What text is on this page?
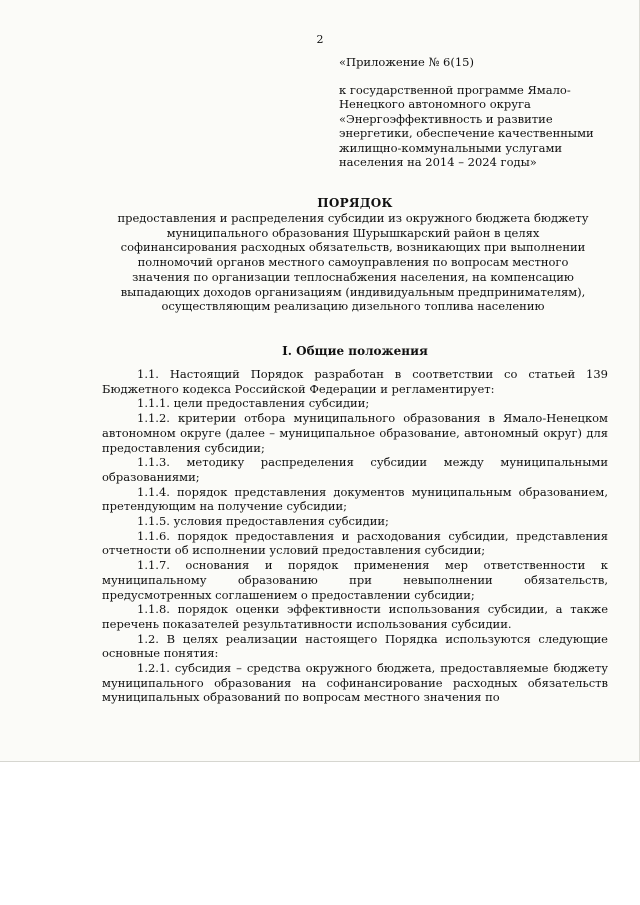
2
«Приложение № 6(15)
к государственной программе Ямало-Ненецкого автономного округа «Энергоэффективность и развитие энергетики, обеспечение качественными жилищно-коммунальными услугами населения на 2014 – 2024 годы»
ПОРЯДОК
предоставления и распределения субсидии из окружного бюджета бюджету муниципального образования Шурышкарский район в целях софинансирования расходных обязательств, возникающих при выполнении полномочий органов местного самоуправления по вопросам местного значения по организации теплоснабжения населения, на компенсацию выпадающих доходов организациям (индивидуальным предпринимателям), осуществляющим реализацию дизельного топлива населению
I. Общие положения

1.1. Настоящий Порядок разработан в соответствии со статьей 139 Бюджетного кодекса Российской Федерации и регламентирует:

1.1.1. цели предоставления субсидии;

1.1.2. критерии отбора муниципального образования в Ямало-Ненецком автономном округе (далее – муниципальное образование, автономный округ) для предоставления субсидии;

1.1.3. методику распределения субсидии между муниципальными образованиями;

1.1.4. порядок представления документов муниципальным образованием, претендующим на получение субсидии;

1.1.5. условия предоставления субсидии;

1.1.6. порядок предоставления и расходования субсидии, представления отчетности об исполнении условий предоставления субсидии;

1.1.7. основания и порядок применения мер ответственности к муниципальному образованию при невыполнении обязательств, предусмотренных соглашением о предоставлении субсидии;

1.1.8. порядок оценки эффективности использования субсидии, а также перечень показателей результативности использования субсидии.

1.2. В целях реализации настоящего Порядка используются следующие основные понятия:

1.2.1. субсидия – средства окружного бюджета, предоставляемые бюджету муниципального образования на софинансирование расходных обязательств муниципальных образований по вопросам местного значения по
